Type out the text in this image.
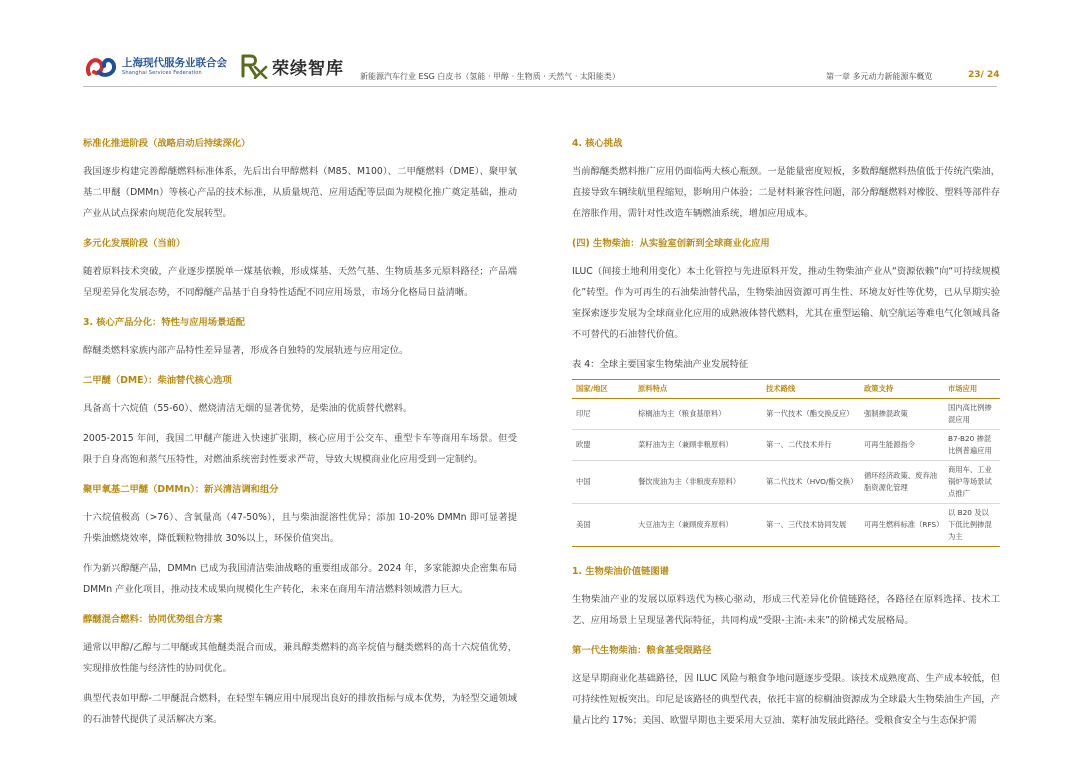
上海现代服务业联合会
Shanghai Services Federation	荣续智库 新能源汽车行业 ESG 白皮书（氢能 · 甲醇 · 生物质 · 天然气 · 太阳能类）	第一章 多元动力新能源车概览	23/ 24
标准化推进阶段（战略启动后持续深化）

我国逐步构建完善醇醚燃料标准体系，先后出台甲醇燃料（M85、M100）、二甲醚燃料（DME）、聚甲氧基二甲醚（DMMn）等核心产品的技术标准，从质量规范、应用适配等层面为规模化推广奠定基础，推动产业从试点探索向规范化发展转型。

多元化发展阶段（当前）

随着原料技术突破，产业逐步摆脱单一煤基依赖，形成煤基、天然气基、生物质基多元原料路径；产品端呈现差异化发展态势，不同醇醚产品基于自身特性适配不同应用场景，市场分化格局日益清晰。

3. 核心产品分化：特性与应用场景适配

醇醚类燃料家族内部产品特性差异显著，形成各自独特的发展轨迹与应用定位。

二甲醚（DME）：柴油替代核心选项

具备高十六烷值（55-60）、燃烧清洁无烟的显著优势，是柴油的优质替代燃料。

2005-2015 年间，我国二甲醚产能进入快速扩张期，核心应用于公交车、重型卡车等商用车场景。但受限于自身高饱和蒸气压特性，对燃油系统密封性要求严苛，导致大规模商业化应用受到一定制约。

聚甲氧基二甲醚（DMMn）：新兴清洁调和组分

十六烷值极高（>76）、含氧量高（47-50%），且与柴油混溶性优异；添加 10-20% DMMn 即可显著提升柴油燃烧效率，降低颗粒物排放 30%以上，环保价值突出。

作为新兴醇醚产品，DMMn 已成为我国清洁柴油战略的重要组成部分。2024 年，多家能源央企密集布局 DMMn 产业化项目，推动技术成果向规模化生产转化，未来在商用车清洁燃料领域潜力巨大。

醇醚混合燃料：协同优势组合方案

通常以甲醇/乙醇与二甲醚或其他醚类混合而成，兼具醇类燃料的高辛烷值与醚类燃料的高十六烷值优势，实现排放性能与经济性的协同优化。

典型代表如甲醇-二甲醚混合燃料，在轻型车辆应用中展现出良好的排放指标与成本优势，为轻型交通领域的石油替代提供了灵活解决方案。

4. 核心挑战

当前醇醚类燃料推广应用仍面临两大核心瓶颈。一是能量密度短板，多数醇醚燃料热值低于传统汽柴油，直接导致车辆续航里程缩短，影响用户体验；二是材料兼容性问题，部分醇醚燃料对橡胶、塑料等部件存在溶胀作用，需针对性改造车辆燃油系统，增加应用成本。

(四) 生物柴油：从实验室创新到全球商业化应用

ILUC（间接土地利用变化）本土化管控与先进原料开发，推动生物柴油产业从“资源依赖”向“可持续规模化”转型。作为可再生的石油柴油替代品，生物柴油因资源可再生性、环境友好性等优势，已从早期实验室探索逐步发展为全球商业化应用的成熟液体替代燃料，尤其在重型运输、航空航运等难电气化领域具备不可替代的石油替代价值。

表 4：全球主要国家生物柴油产业发展特征
国家/地区	原料特点	技术路线	政策支持	市场应用
印尼	棕榈油为主（粮食基原料）	第一代技术（酯交换反应）	强制掺混政策	国内高比例掺混应用
欧盟	菜籽油为主（兼顾非粮原料）	第一、二代技术并行	可再生能源指令	B7-B20 掺混比例普遍应用
中国	餐饮废油为主（非粮废弃原料）	第二代技术（HVO/酯交换）	循环经济政策、废弃油脂资源化管理	商用车、工业锅炉等场景试点推广
美国	大豆油为主（兼顾废弃原料）	第一、三代技术协同发展	可再生燃料标准（RFS）	以 B20 及以下低比例掺混为主
1. 生物柴油价值链图谱

生物柴油产业的发展以原料迭代为核心驱动，形成三代差异化价值链路径，各路径在原料选择、技术工艺、应用场景上呈现显著代际特征，共同构成“受限-主流-未来”的阶梯式发展格局。

第一代生物柴油：粮食基受限路径

这是早期商业化基础路径，因 ILUC 风险与粮食争地问题逐步受限。该技术成熟度高、生产成本较低，但可持续性短板突出。印尼是该路径的典型代表，依托丰富的棕榈油资源成为全球最大生物柴油生产国，产量占比约 17%；美国、欧盟早期也主要采用大豆油、菜籽油发展此路径。受粮食安全与生态保护需
